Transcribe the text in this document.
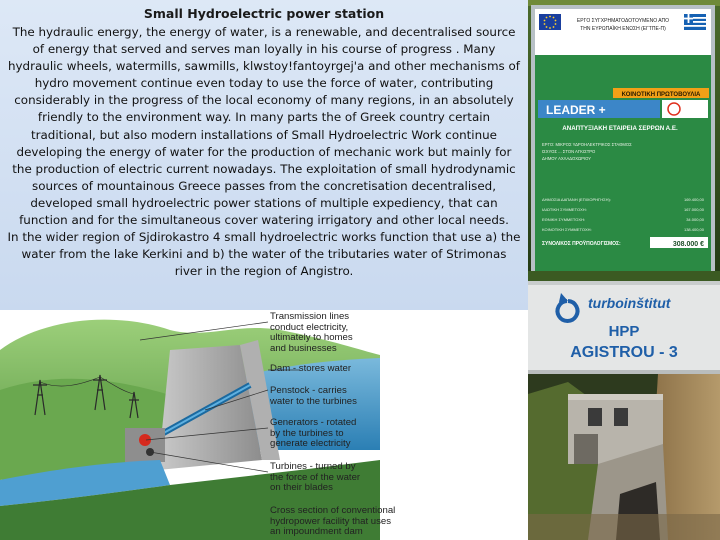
Small Hydroelectric power station

The hydraulic energy, the energy of water, is a renewable, and decentralised source of energy that served and serves man loyally in his course of progress . Many hydraulic wheels, watermills, sawmills, klwstoy!fantoyrgej'a and other mechanisms of hydro movement continue even today to use the force of water, contributing considerably in the progress of the local economy of many regions, in an absolutely friendly to the environment way. In many parts the of Greek country certain traditional, but also modern installations of Small Hydroelectric Work continue developing the energy of water for the production of mechanic work but mainly for the production of electric current nowadays. The exploitation of small hydrodynamic sources of mountainous Greece passes from the concretisation decentralised, developed small hydroelectric power stations of multiple expediency, that can function and for the simultaneous cover watering irrigatory and other local needs.

In the wider region of Sjdirokastro 4 small hydroelectric works function that use a) the water from the lake Kerkini and b) the water of the tributaries water of Strimonas river in the region of Angistro.

ΕΡΓΟ ΣΥΓΧΡΗΜΑΤΟΔΟΤΟΥΜΕΝΟ ΑΠΟ
ΤΗΝ ΕΥΡΩΠΑΪΚΗ ΕΝΩΣΗ (ΕΓΤΠΕ-Π)
ΚΟΙΝΟΤΙΚΗ ΠΡΩΤΟΒΟΥΛΙΑ
LEADER +
ΑΝΑΠΤΥΞΙΑΚΗ ΕΤΑΙΡΕΙΑ ΣΕΡΡΩΝ Α.Ε.
ΕΡΓΟ: ΜΙΚΡΟΣ ΥΔΡΟΗΛΕΚΤΡΙΚΟΣ ΣΤΑΘΜΟΣ
ΙΣΧΥΟΣ ... ΣΤΟΝ ΑΓΚΙΣΤΡΟ
ΔΗΜΟΥ ΑΧΛΑΔΟΧΩΡΙΟΥ
ΔΗΜΟΣΙΑ ΔΑΠΑΝΗ (ΕΠΙΧΟΡΗΓΗΣΗ):	169.400,00
ΙΔΙΩΤΙΚΗ ΣΥΜΜΕΤΟΧΗ:	167.000,00
ΕΘΝΙΚΗ ΣΥΜΜΕΤΟΧΗ:	34.000,00
ΚΟΙΝΟΤΙΚΗ ΣΥΜΜΕΤΟΧΗ:	138.400,00
ΣΥΝΟΛΙΚΟΣ ΠΡΟΫΠΟΛΟΓΙΣΜΟΣ:	308.000 €
turboinštitut
HPP
AGISTROU - 3
Transmission lines
conduct electricity,
ultimately to homes
and businesses
Dam - stores water
Penstock - carries
water to the turbines
Generators - rotated
by the turbines to
generate electricity
Turbines - turned by
the force of the water
on their blades
Cross section of conventional
hydropower facility that uses
an impoundment dam
